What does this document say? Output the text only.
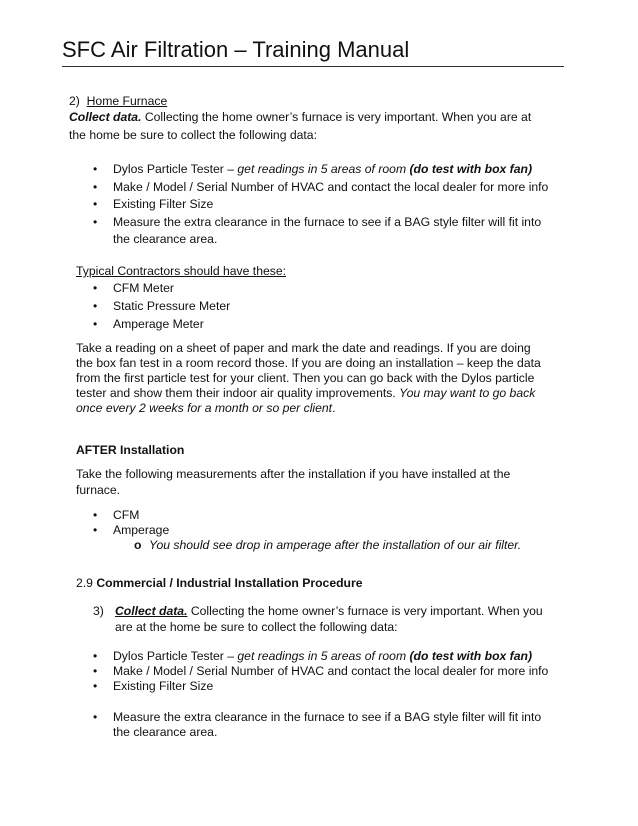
SFC Air Filtration – Training Manual
2) Home Furnace
Collect data. Collecting the home owner’s furnace is very important. When you are at
the home be sure to collect the following data:
• Dylos Particle Tester – get readings in 5 areas of room (do test with box fan)
• Make / Model / Serial Number of HVAC and contact the local dealer for more info
• Existing Filter Size
• Measure the extra clearance in the furnace to see if a BAG style filter will fit into
the clearance area.
Typical Contractors should have these:
• CFM Meter
• Static Pressure Meter
• Amperage Meter
Take a reading on a sheet of paper and mark the date and readings. If you are doing
the box fan test in a room record those. If you are doing an installation – keep the data
from the first particle test for your client. Then you can go back with the Dylos particle
tester and show them their indoor air quality improvements. You may want to go back
once every 2 weeks for a month or so per client.
AFTER Installation
Take the following measurements after the installation if you have installed at the
furnace.
• CFM
• Amperage
o You should see drop in amperage after the installation of our air filter.
2.9 Commercial / Industrial Installation Procedure
3) Collect data. Collecting the home owner’s furnace is very important. When you
are at the home be sure to collect the following data:
• Dylos Particle Tester – get readings in 5 areas of room (do test with box fan)
• Make / Model / Serial Number of HVAC and contact the local dealer for more info
• Existing Filter Size
• Measure the extra clearance in the furnace to see if a BAG style filter will fit into
the clearance area.
